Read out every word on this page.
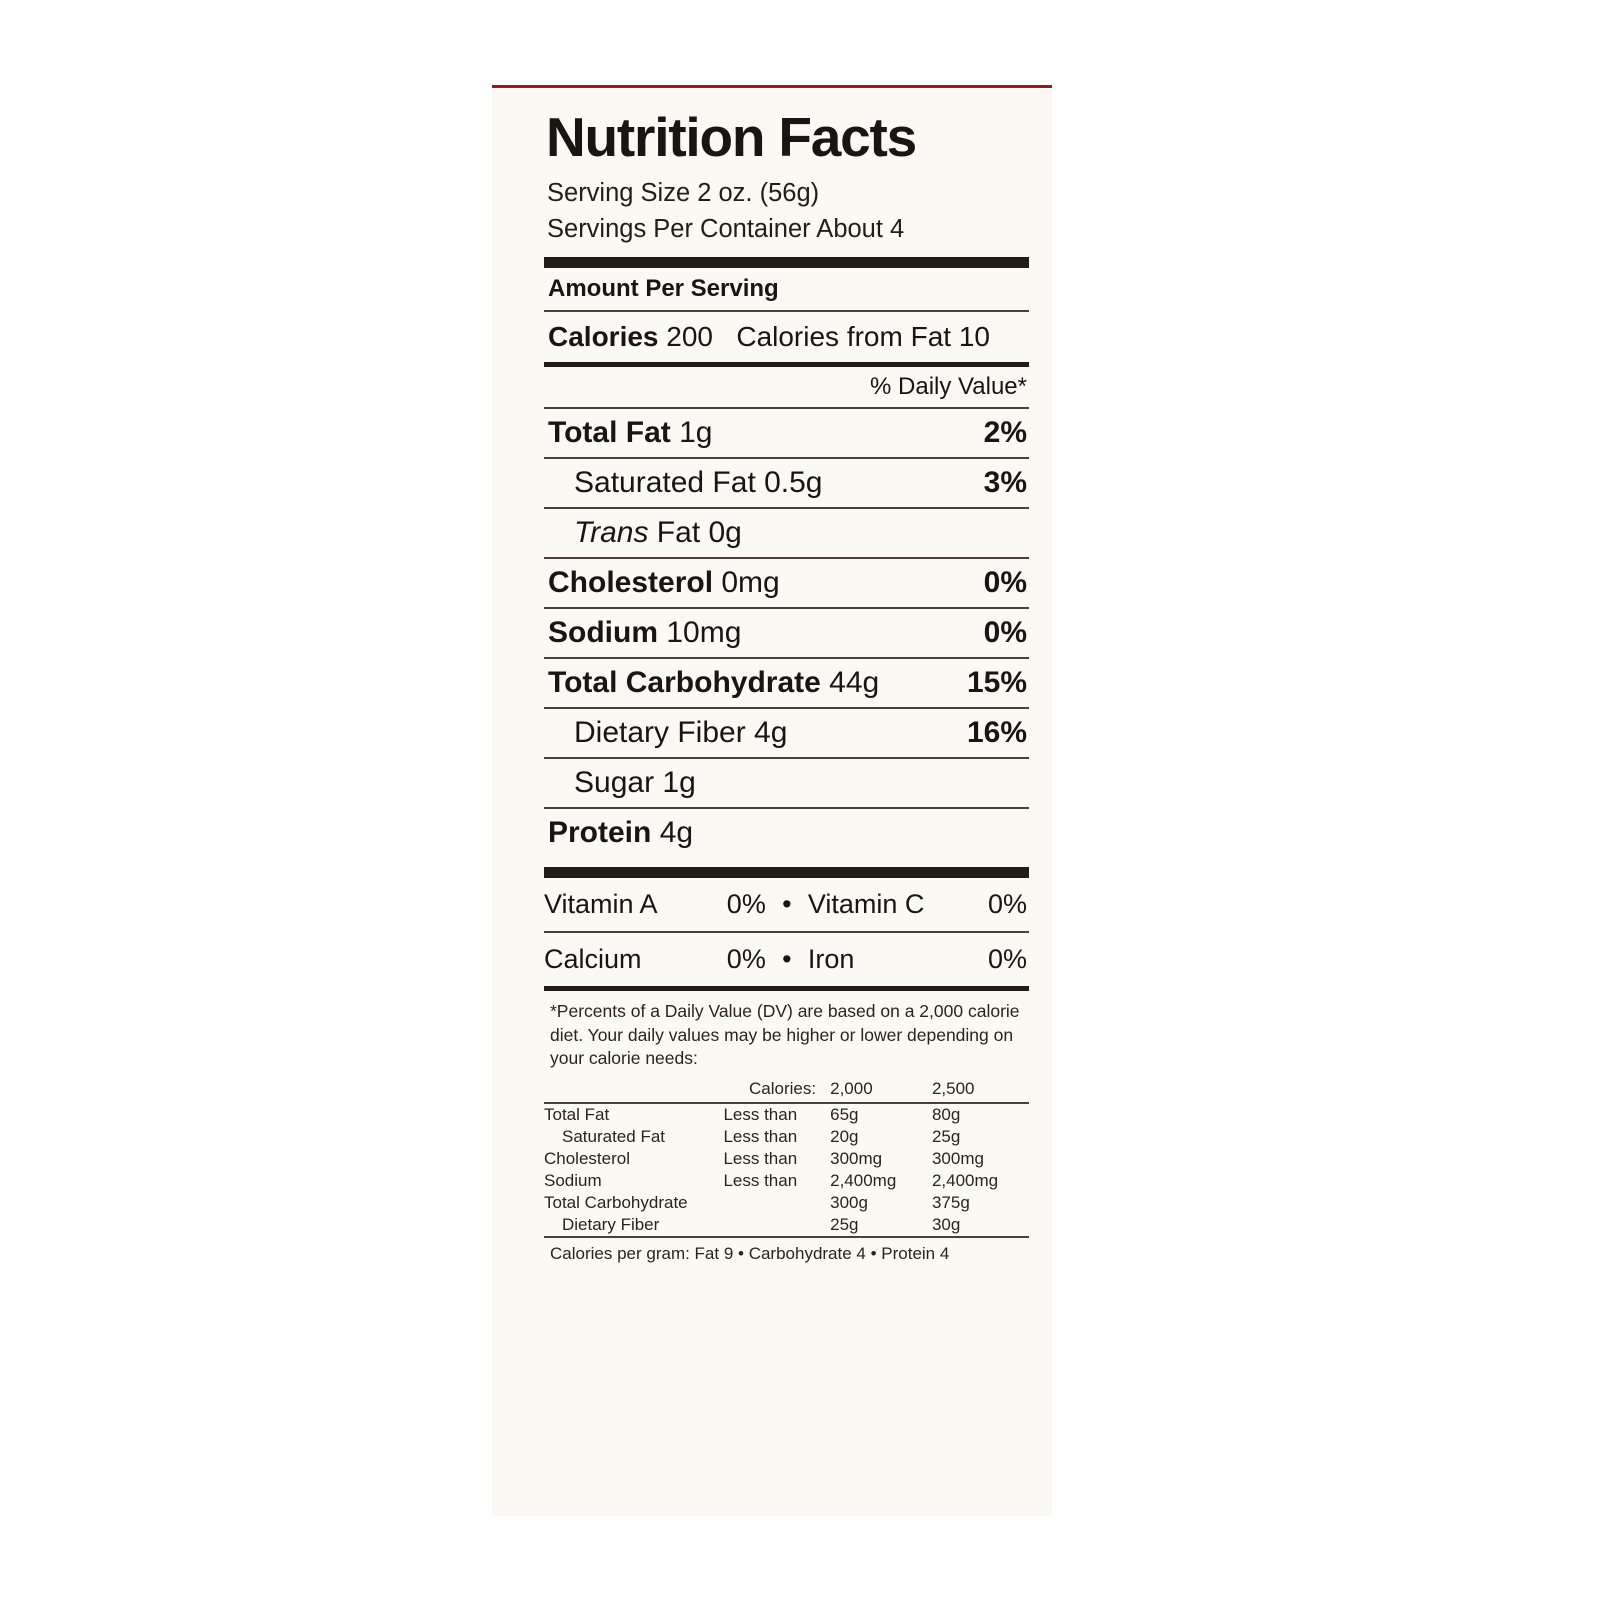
Nutrition Facts
Serving Size 2 oz. (56g)
Servings Per Container About 4
Amount Per Serving
Calories 200 Calories from Fat 10
% Daily Value*
Total Fat 1g	2%
Saturated Fat 0.5g	3%
Trans Fat 0g
Cholesterol 0mg	0%
Sodium 10mg	0%
Total Carbohydrate 44g	15%
Dietary Fiber 4g	16%
Sugar 1g
Protein 4g
Vitamin A	0% • Vitamin C 0%
Calcium	0% • Iron	0%
*Percents of a Daily Value (DV) are based on a 2,000 calorie diet. Your daily values may be higher or lower depending on your calorie needs:
	Calories:	2,000	2,500

Total Fat	Less than	65g	80g
Saturated Fat	Less than	20g	25g
Cholesterol	Less than	300mg	300mg
Sodium	Less than	2,400mg	2,400mg
Total Carbohydrate		300g	375g
Dietary Fiber		25g	30g
Calories per gram: Fat 9 • Carbohydrate 4 • Protein 4
